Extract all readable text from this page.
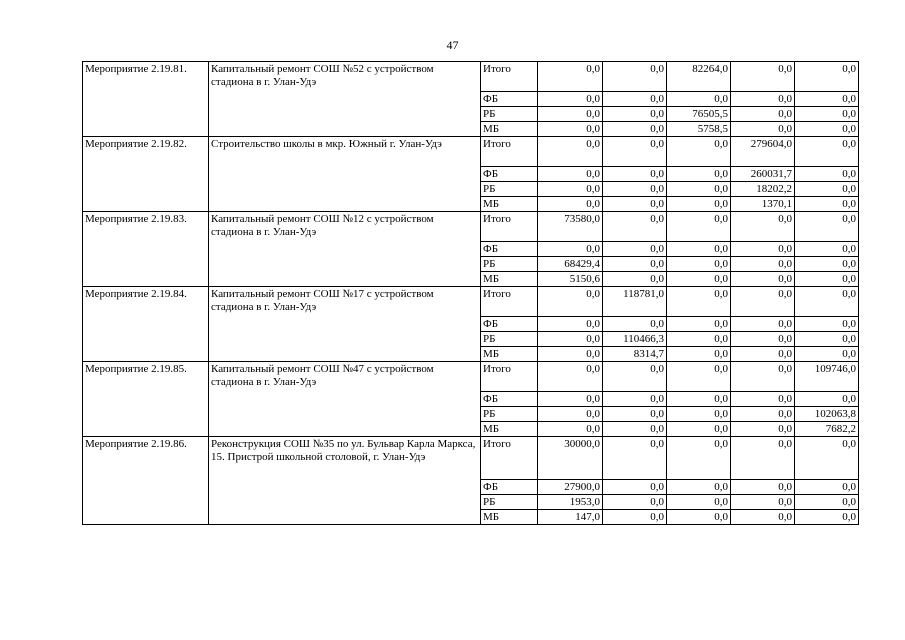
47
Мероприятие 2.19.81.	Капитальный ремонт СОШ №52 с устройством стадиона в г. Улан-Удэ	Итого	0,0	0,0	82264,0	0,0	0,0
		ФБ	0,0	0,0	0,0	0,0	0,0
		РБ	0,0	0,0	76505,5	0,0	0,0
		МБ	0,0	0,0	5758,5	0,0	0,0
Мероприятие 2.19.82.	Строительство школы в мкр. Южный г. Улан-Удэ	Итого	0,0	0,0	0,0	279604,0	0,0
		ФБ	0,0	0,0	0,0	260031,7	0,0
		РБ	0,0	0,0	0,0	18202,2	0,0
		МБ	0,0	0,0	0,0	1370,1	0,0
Мероприятие 2.19.83.	Капитальный ремонт СОШ №12 с устройством стадиона в г. Улан-Удэ	Итого	73580,0	0,0	0,0	0,0	0,0
		ФБ	0,0	0,0	0,0	0,0	0,0
		РБ	68429,4	0,0	0,0	0,0	0,0
		МБ	5150,6	0,0	0,0	0,0	0,0
Мероприятие 2.19.84.	Капитальный ремонт СОШ №17 с устройством стадиона в г. Улан-Удэ	Итого	0,0	118781,0	0,0	0,0	0,0
		ФБ	0,0	0,0	0,0	0,0	0,0
		РБ	0,0	110466,3	0,0	0,0	0,0
		МБ	0,0	8314,7	0,0	0,0	0,0
Мероприятие 2.19.85.	Капитальный ремонт СОШ №47 с устройством стадиона в г. Улан-Удэ	Итого	0,0	0,0	0,0	0,0	109746,0
		ФБ	0,0	0,0	0,0	0,0	0,0
		РБ	0,0	0,0	0,0	0,0	102063,8
		МБ	0,0	0,0	0,0	0,0	7682,2
Мероприятие 2.19.86.	Реконструкция СОШ №35 по ул. Бульвар Карла Маркса, 15. Пристрой школьной столовой, г. Улан-Удэ	Итого	30000,0	0,0	0,0	0,0	0,0
		ФБ	27900,0	0,0	0,0	0,0	0,0
		РБ	1953,0	0,0	0,0	0,0	0,0
		МБ	147,0	0,0	0,0	0,0	0,0
